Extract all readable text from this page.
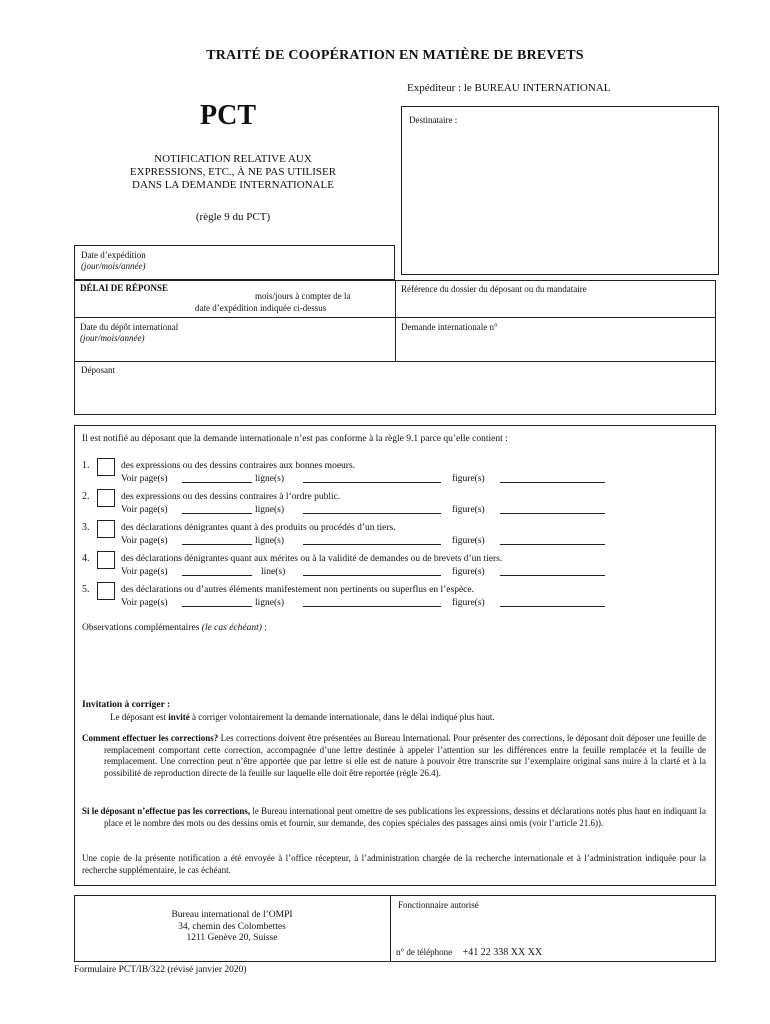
TRAITÉ DE COOPÉRATION EN MATIÈRE DE BREVETS
Expéditeur : le BUREAU INTERNATIONAL
PCT
NOTIFICATION RELATIVE AUX
EXPRESSIONS, ETC., À NE PAS UTILISER
DANS LA DEMANDE INTERNATIONALE
(règle 9 du PCT)
Destinataire :
Date d’expédition
(jour/mois/année)
DÉLAI DE RÉPONSE
mois/jours à compter de la
date d’expédition indiquée ci-dessus
Référence du dossier du déposant ou du mandataire
Date du dépôt international
(jour/mois/année)
Demande internationale n°
Déposant
Il est notifié au déposant que la demande internationale n’est pas conforme à la règle 9.1 parce qu’elle contient :
1.	des expressions ou des dessins contraires aux bonnes moeurs.
Voir page(s)	ligne(s)	figure(s)
2.	des expressions ou des dessins contraires à l’ordre public.
Voir page(s)	ligne(s)	figure(s)
3.	des déclarations dénigrantes quant à des produits ou procédés d’un tiers.
Voir page(s)	ligne(s)	figure(s)
4.	des déclarations dénigrantes quant aux mérites ou à la validité de demandes ou de brevets d’un tiers.
Voir page(s)	line(s)	figure(s)
5.	des déclarations ou d’autres éléments manifestement non pertinents ou superflus en l’espèce.
Voir page(s)	ligne(s)	figure(s)
Observations complémentaires (le cas échéant) :
Invitation à corriger :
Le déposant est invité à corriger volontairement la demande internationale, dans le délai indiqué plus haut.
Comment effectuer les corrections? Les corrections doivent être présentées au Bureau International. Pour présenter des corrections, le déposant doit déposer une feuille de remplacement comportant cette correction, accompagnée d’une lettre destinée à appeler l’attention sur les différences entre la feuille remplacée et la feuille de remplacement. Une correction peut n’être apportée que par lettre si elle est de nature à pouvoir être transcrite sur l’exemplaire original sans nuire à la clarté et à la possibilité de reproduction directe de la feuille sur laquelle elle doit être reportée (règle 26.4).
Si le déposant n’effectue pas les corrections, le Bureau international peut omettre de ses publications les expressions, dessins et déclarations notés plus haut en indiquant la place et le nombre des mots ou des dessins omis et fournir, sur demande, des copies spéciales des passages ainsi omis (voir l’article 21.6)).
Une copie de la présente notification a été envoyée à l’office récepteur, à l’administration chargée de la recherche internationale et à l’administration indiquée pour la recherche supplémentaire, le cas échéant.
Bureau international de l’OMPI
34, chemin des Colombettes
1211 Genève 20, Suisse
Fonctionnaire autorisé
n° de téléphone +41 22 338 XX XX
Formulaire PCT/IB/322 (révisé janvier 2020)
